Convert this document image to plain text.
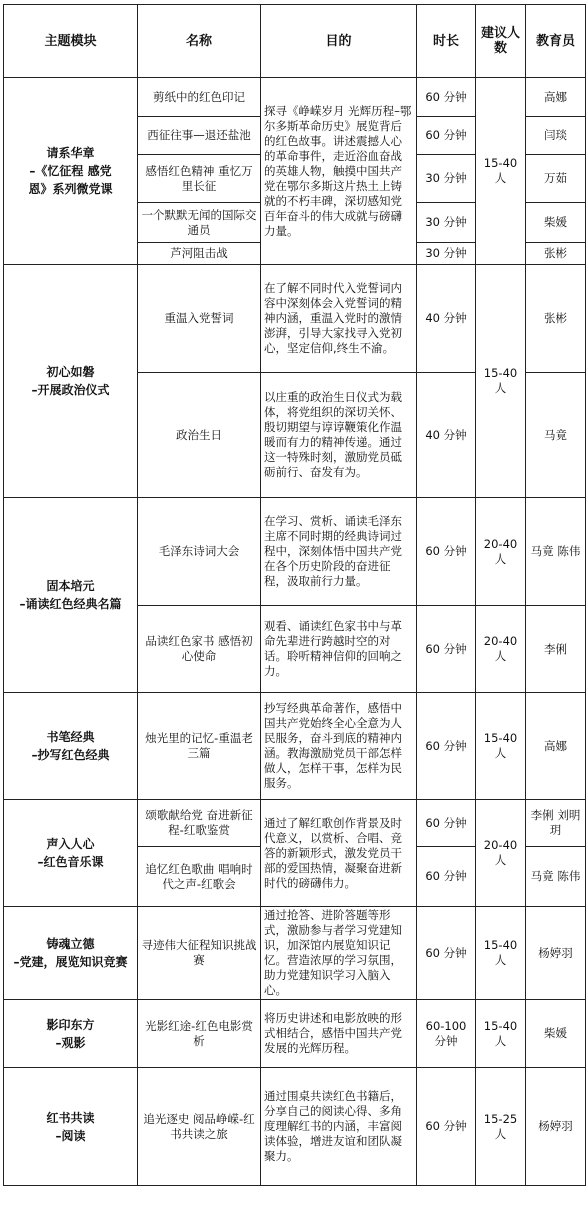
主题模块	名称	目的	时长	建议人数	教育员

请系华章
–《忆征程 感党
恩》系列微党课	剪纸中的红色印记	探寻《峥嵘岁月 光辉历程–鄂尔多斯革命历史》展览背后的红色故事。讲述震撼人心的革命事件，走近浴血奋战的英雄人物，触摸中国共产党在鄂尔多斯这片热土上铸就的不朽丰碑，深切感知党百年奋斗的伟大成就与磅礴力量。	60 分钟	15-40人	高娜
	西征往事—退还盐池		60 分钟		闫琰
	感悟红色精神 重忆万里长征		30 分钟		万茹
	一个默默无闻的国际交通员		30 分钟		柴媛
	芦河阻击战		30 分钟		张彬

初心如磐
–开展政治仪式	重温入党誓词	在了解不同时代入党誓词内容中深刻体会入党誓词的精神内涵，重温入党时的激情澎湃，引导大家找寻入党初心，坚定信仰,终生不渝。	40 分钟	15-40人	张彬
	政治生日	以庄重的政治生日仪式为载体，将党组织的深切关怀、殷切期望与谆谆鞭策化作温暖而有力的精神传递。通过这一特殊时刻，激励党员砥砺前行、奋发有为。	40 分钟		马竟

固本培元
–诵读红色经典名篇	毛泽东诗词大会	在学习、赏析、诵读毛泽东主席不同时期的经典诗词过程中，深刻体悟中国共产党在各个历史阶段的奋进征程，汲取前行力量。	60 分钟	20-40人	马竟 陈伟
	品读红色家书 感悟初心使命	观看、诵读红色家书中与革命先辈进行跨越时空的对话。聆听精神信仰的回响之力。	60 分钟	20-40人	李俐

书笔经典
–抄写红色经典	烛光里的记忆-重温老三篇	抄写经典革命著作，感悟中国共产党始终全心全意为人民服务，奋斗到底的精神内涵。教海激励党员干部怎样做人，怎样干事，怎样为民服务。	60 分钟	15-40人	高娜

声入人心
–红色音乐课	颂歌献给党 奋进新征程-红歌鉴赏	通过了解红歌创作背景及时代意义，以赏析、合唱、竞答的新颖形式，激发党员干部的爱国热情，凝聚奋进新时代的磅礴伟力。	60 分钟	20-40人	李俐 刘明玥
	追忆红色歌曲 唱响时代之声-红歌会		60 分钟		马竟 陈伟

铸魂立德
–党建，展览知识竞赛	寻迹伟大征程知识挑战赛	通过抢答、进阶答题等形式，激励参与者学习党建知识，加深馆内展览知识记忆。营造浓厚的学习氛围，助力党建知识学习入脑入心。	60 分钟	15-40人	杨婷羽

影印东方
–观影	光影红途-红色电影赏析	将历史讲述和电影放映的形式相结合，感悟中国共产党发展的光辉历程。	60-100分钟	15-40人	柴媛

红书共读
–阅读	追光逐史 阅品峥嵘-红书共读之旅	通过围桌共读红色书籍后，分享自己的阅读心得、多角度理解红书的内涵，丰富阅读体验，增进友谊和团队凝聚力。	60 分钟	15-25人	杨婷羽
